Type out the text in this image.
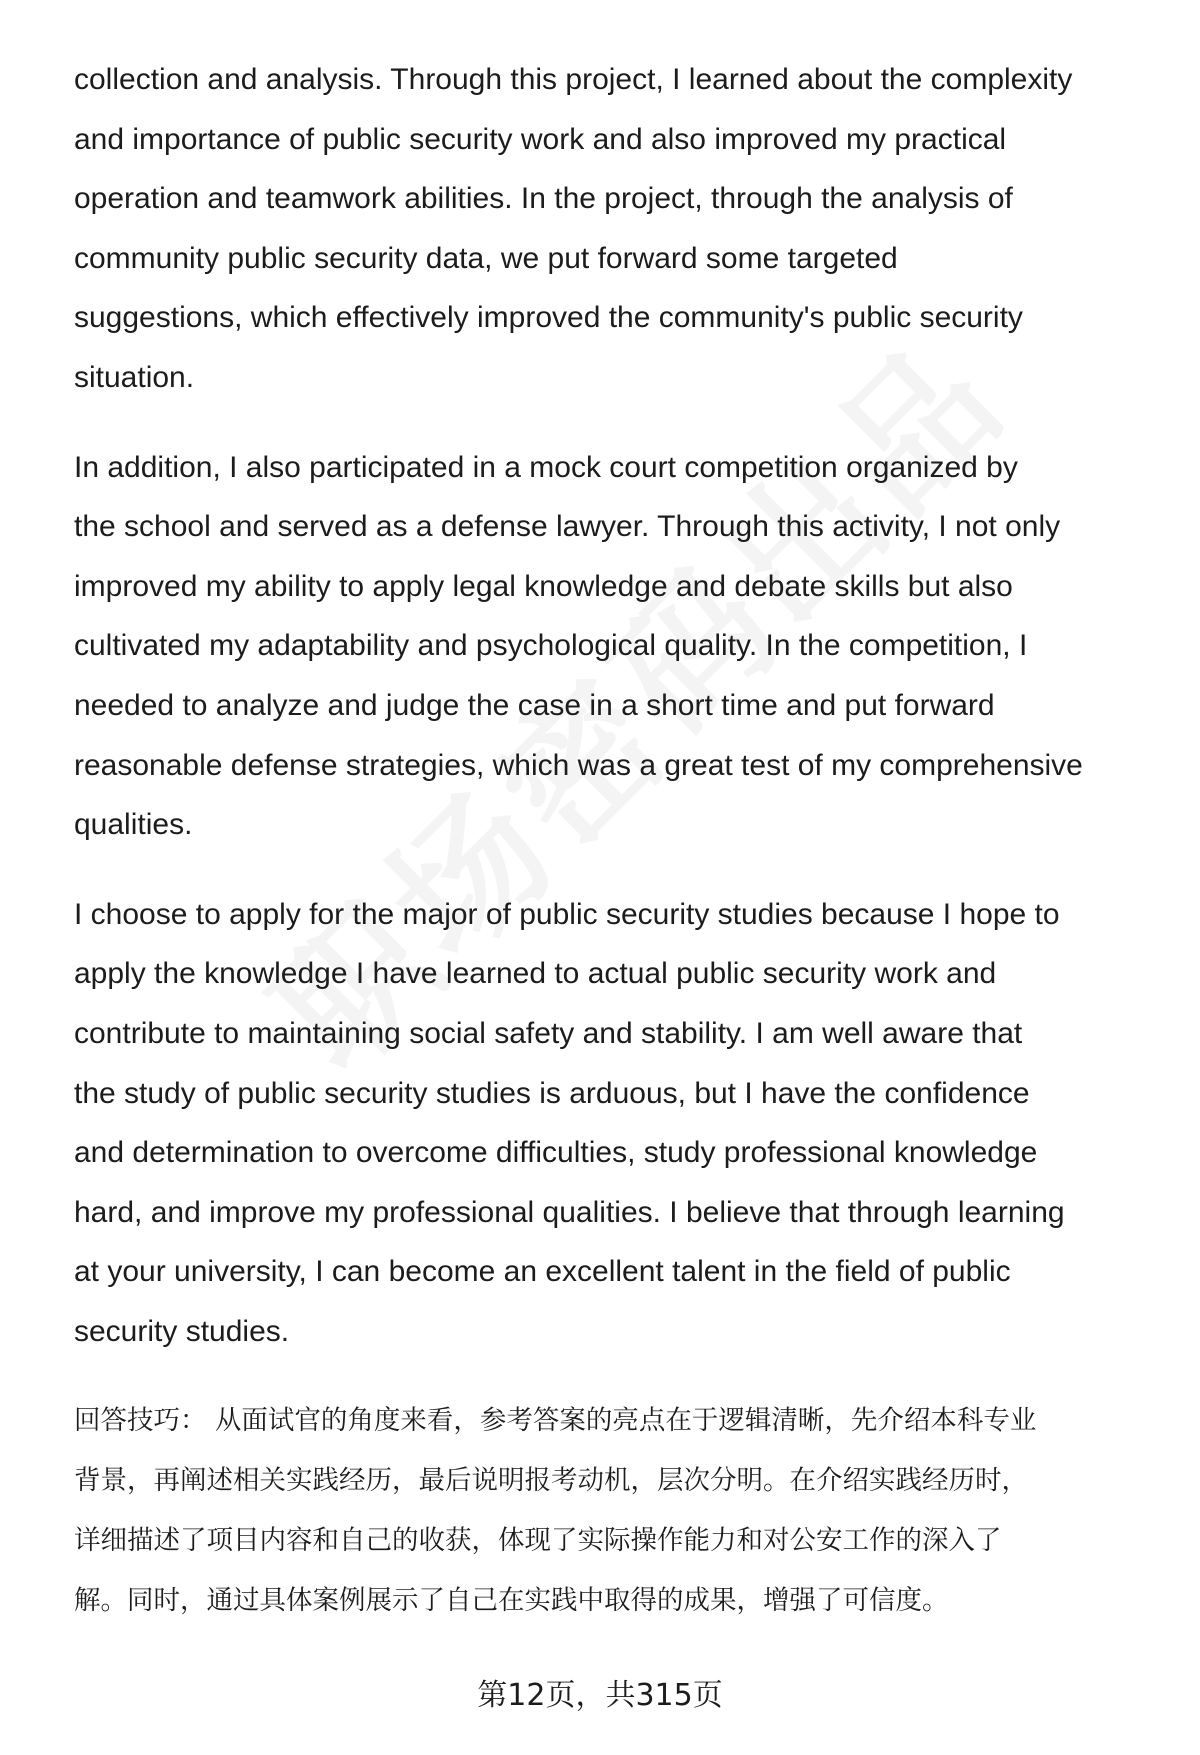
collection and analysis. Through this project, I learned about the complexity
and importance of public security work and also improved my practical
operation and teamwork abilities. In the project, through the analysis of
community public security data, we put forward some targeted
suggestions, which effectively improved the community's public security
situation.

In addition, I also participated in a mock court competition organized by
the school and served as a defense lawyer. Through this activity, I not only
improved my ability to apply legal knowledge and debate skills but also
cultivated my adaptability and psychological quality. In the competition, I
needed to analyze and judge the case in a short time and put forward
reasonable defense strategies, which was a great test of my comprehensive
qualities.

I choose to apply for the major of public security studies because I hope to
apply the knowledge I have learned to actual public security work and
contribute to maintaining social safety and stability. I am well aware that
the study of public security studies is arduous, but I have the confidence
and determination to overcome difficulties, study professional knowledge
hard, and improve my professional qualities. I believe that through learning
at your university, I can become an excellent talent in the field of public
security studies.

回答技巧： 从面试官的角度来看，参考答案的亮点在于逻辑清晰，先介绍本科专业
背景，再阐述相关实践经历，最后说明报考动机，层次分明。在介绍实践经历时，
详细描述了项目内容和自己的收获，体现了实际操作能力和对公安工作的深入了
解。同时，通过具体案例展示了自己在实践中取得的成果，增强了可信度。

第12页，共315页
